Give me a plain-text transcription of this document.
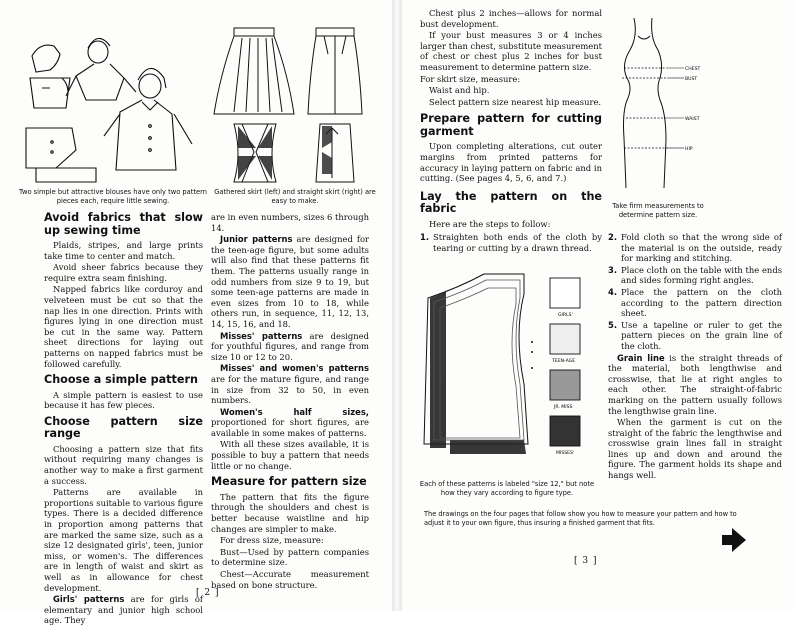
Two simple but attractive blouses have only two pattern pieces each, require little sewing.
Gathered skirt (left) and straight skirt (right) are easy to make.
Avoid fabrics that slow up sewing time

Plaids, stripes, and large prints take time to center and match.

Avoid sheer fabrics because they require extra seam finishing.

Napped fabrics like corduroy and velveteen must be cut so that the nap lies in one direction. Prints with figures lying in one direction must be cut in the same way. Pattern sheet directions for laying out patterns on napped fabrics must be followed carefully.

Choose a simple pattern

A simple pattern is easiest to use because it has few pieces.

Choose pattern size range

Choosing a pattern size that fits without requiring many changes is another way to make a first garment a success.

Patterns are available in proportions suitable to various figure types. There is a decided difference in proportion among patterns that are marked the same size, such as a size 12 designated girls', teen, junior miss, or women's. The differences are in length of waist and skirt as well as in allowance for chest development.

Girls' patterns are for girls of elementary and junior high school age. They

are in even numbers, sizes 6 through 14.

Junior patterns are designed for the teen-age figure, but some adults will also find that these patterns fit them. The patterns usually range in odd numbers from size 9 to 19, but some teen-age patterns are made in even sizes from 10 to 18, while others run, in sequence, 11, 12, 13, 14, 15, 16, and 18.

Misses' patterns are designed for youthful figures, and range from size 10 or 12 to 20.

Misses' and women's patterns are for the mature figure, and range in size from 32 to 50, in even numbers.

Women's half sizes, proportioned for short figures, are available in some makes of patterns.

With all these sizes available, it is possible to buy a pattern that needs little or no change.

Measure for pattern size

The pattern that fits the figure through the shoulders and chest is better because waistline and hip changes are simpler to make.

For dress size, measure:

Bust—Used by pattern companies to determine size.

Chest—Accurate measurement based on bone structure.

[ 2 ]

Chest plus 2 inches—allows for normal bust development.

If your bust measures 3 or 4 inches larger than chest, substitute measurement of chest or chest plus 2 inches for bust measurement to determine pattern size.

For skirt size, measure:

Waist and hip.

Select pattern size nearest hip measure.

Prepare pattern for cutting garment

Upon completing alterations, cut outer margins from printed patterns for accuracy in laying pattern on fabric and in cutting. (See pages 4, 5, 6, and 7.)

Lay the pattern on the fabric

Here are the steps to follow:

1. Straighten both ends of the cloth by tearing or cutting by a drawn thread.

CHEST
BUST
WAIST
HIP
Take firm measurements to determine pattern size.
GIRLS'
TEEN-AGE
JR. MISS
MISSES'
Each of these patterns is labeled "size 12," but note how they vary according to figure type.

2. Fold cloth so that the wrong side of the material is on the outside, ready for marking and stitching.

3. Place cloth on the table with the ends and sides forming right angles.

4. Place the pattern on the cloth according to the pattern direction sheet.

5. Use a tapeline or ruler to get the pattern pieces on the grain line of the cloth.

Grain line is the straight threads of the material, both lengthwise and crosswise, that lie at right angles to each other. The straight-of-fabric marking on the pattern usually follows the lengthwise grain line.

When the garment is cut on the straight of the fabric the lengthwise and crosswise grain lines fall in straight lines up and down and around the figure. The garment holds its shape and hangs well.

The drawings on the four pages that follow show you how to measure your pattern and how to adjust it to your own figure, thus insuring a finished garment that fits.
[ 3 ]
